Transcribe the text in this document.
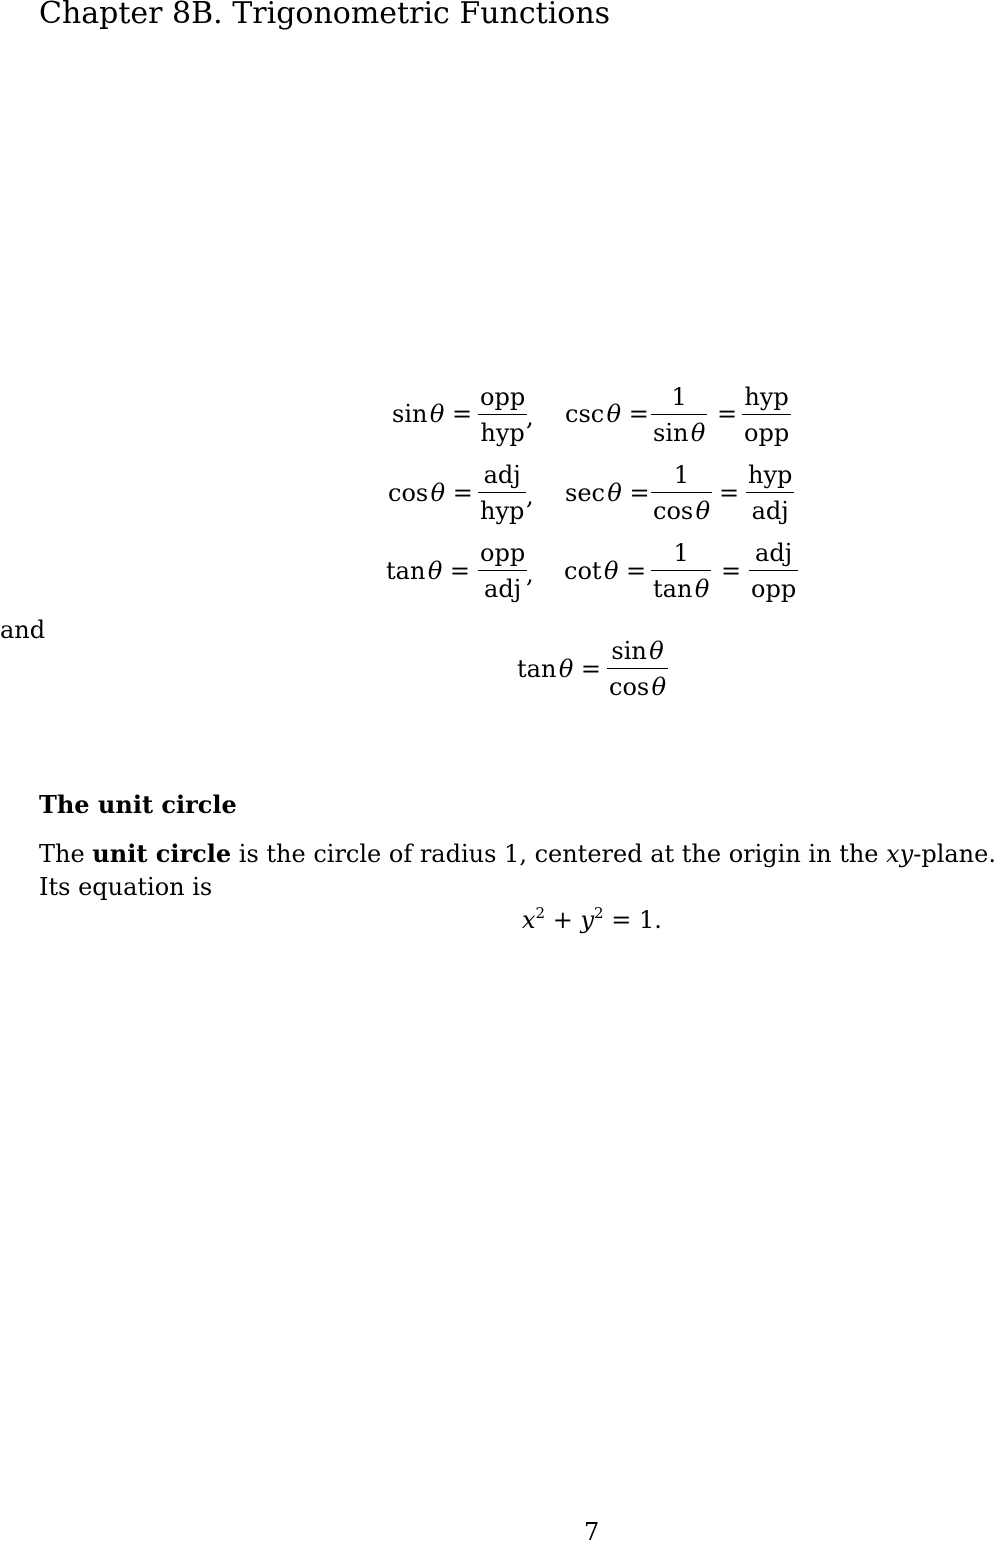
Chapter 8B. Trigonometric Functions
sin θ =
opp
hyp
, csc θ =
1
sin θ
=
hyp
opp
cos θ =
adj
hyp
, sec θ =
1
cos θ
=
hyp
adj
tan θ =
opp
adj
, cot θ =
1
tan θ
=
adj
opp
and
tan θ =
sin θ
cos θ
The unit circle
The unit circle is the circle of radius 1, centered at the origin in the xy-plane.
Its equation is
$x^2 + y^2 = 1$.
7
